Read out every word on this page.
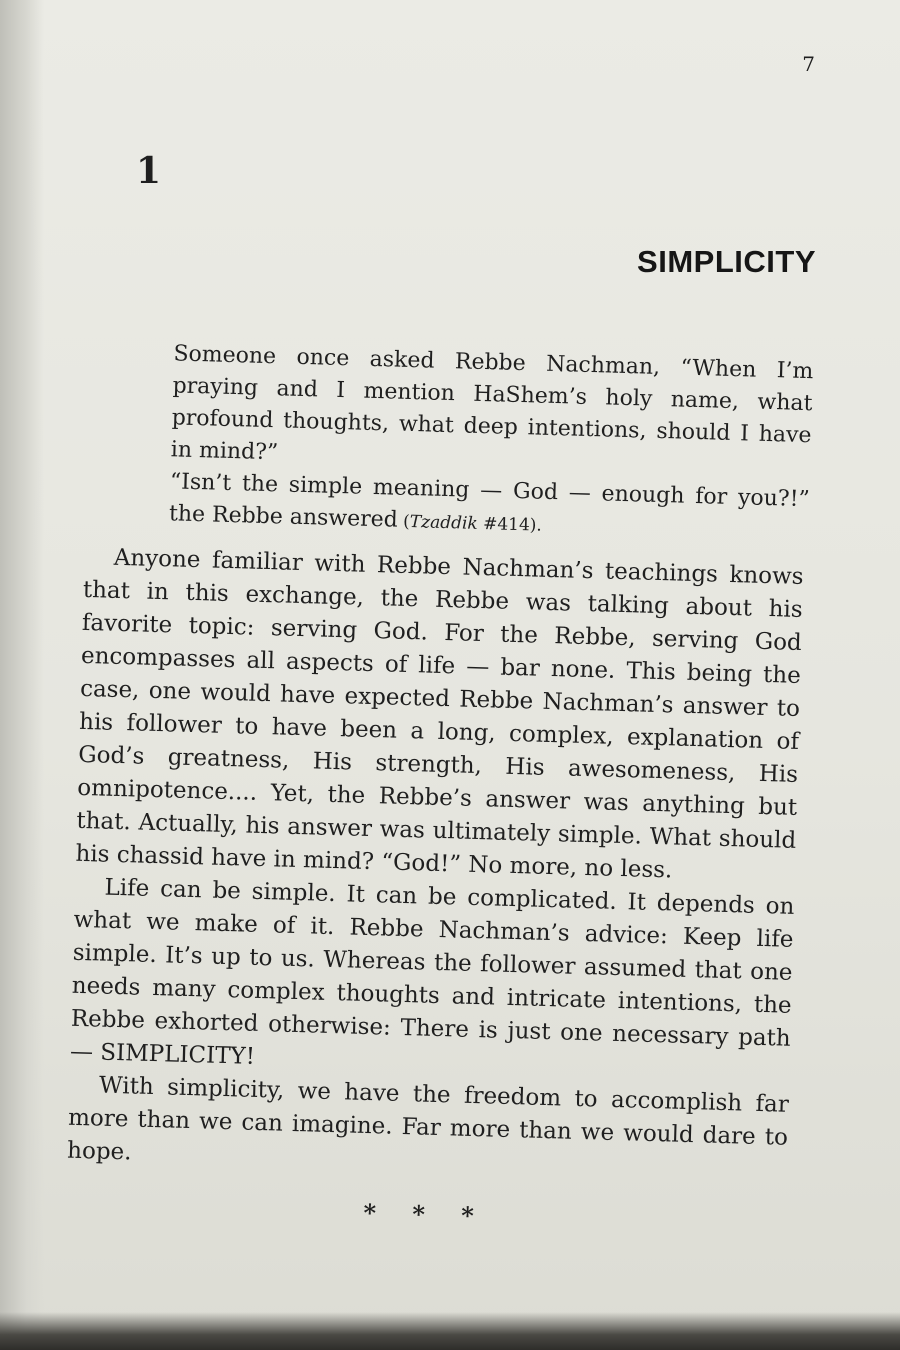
7
1
SIMPLICITY

Someone once asked Rebbe Nachman, “When I’m praying and I mention HaShem’s holy name, what profound thoughts, what deep intentions, should I have in mind?”

“Isn’t the simple meaning — God — enough for you?!” the Rebbe answered (Tzaddik #414).

Anyone familiar with Rebbe Nachman’s teachings knows that in this exchange, the Rebbe was talking about his favorite topic: serving God. For the Rebbe, serving God encompasses all aspects of life — bar none. This being the case, one would have expected Rebbe Nachman’s answer to his follower to have been a long, complex, explanation of God’s greatness, His strength, His awesomeness, His omnipotence.... Yet, the Rebbe’s answer was anything but that. Actually, his answer was ultimately simple. What should his chassid have in mind? “God!” No more, no less.

Life can be simple. It can be complicated. It depends on what we make of it. Rebbe Nachman’s advice: Keep life simple. It’s up to us. Whereas the follower assumed that one needs many complex thoughts and intricate intentions, the Rebbe exhorted otherwise: There is just one necessary path — SIMPLICITY!

With simplicity, we have the freedom to accomplish far more than we can imagine. Far more than we would dare to hope.

* * *
